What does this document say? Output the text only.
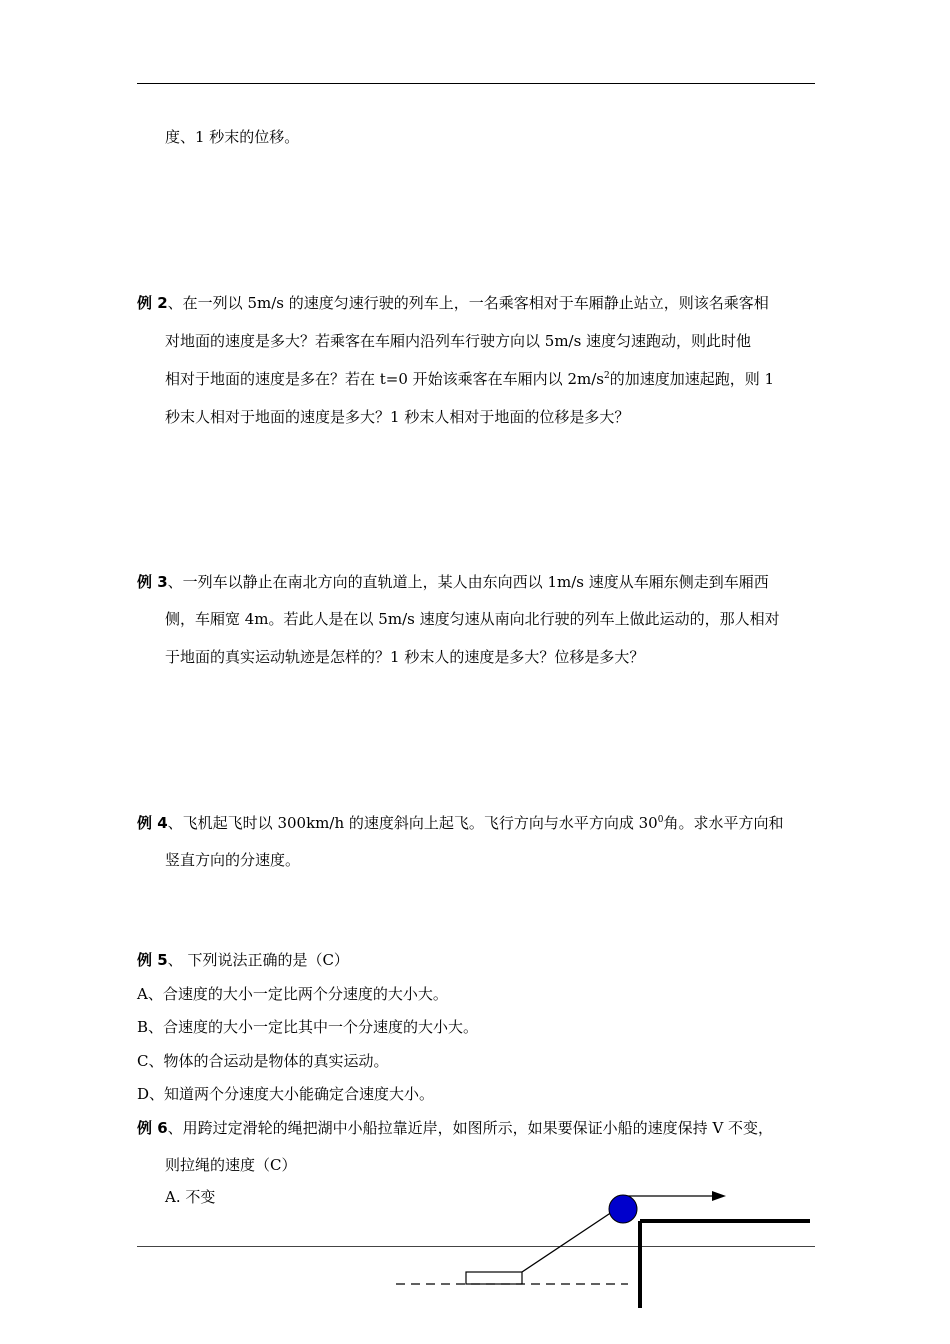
度、1 秒末的位移。
例 2、在一列以 5m/s 的速度匀速行驶的列车上，一名乘客相对于车厢静止站立，则该名乘客相
对地面的速度是多大？若乘客在车厢内沿列车行驶方向以 5m/s 速度匀速跑动，则此时他
相对于地面的速度是多在？若在 t=0 开始该乘客在车厢内以 $2m/s^2$的加速度加速起跑，则 1
秒末人相对于地面的速度是多大？1 秒末人相对于地面的位移是多大？
例 3、一列车以静止在南北方向的直轨道上，某人由东向西以 1m/s 速度从车厢东侧走到车厢西
侧，车厢宽 4m。若此人是在以 5m/s 速度匀速从南向北行驶的列车上做此运动的，那人相对
于地面的真实运动轨迹是怎样的？1 秒末人的速度是多大？位移是多大？
例 4、飞机起飞时以 300km/h 的速度斜向上起飞。飞行方向与水平方向成 $30^0$角。求水平方向和
竖直方向的分速度。
例 5、 下列说法正确的是（C）
A、合速度的大小一定比两个分速度的大小大。
B、合速度的大小一定比其中一个分速度的大小大。
C、物体的合运动是物体的真实运动。
D、知道两个分速度大小能确定合速度大小。
例 6、用跨过定滑轮的绳把湖中小船拉靠近岸，如图所示，如果要保证小船的速度保持 V 不变，
则拉绳的速度（C）
A. 不变
